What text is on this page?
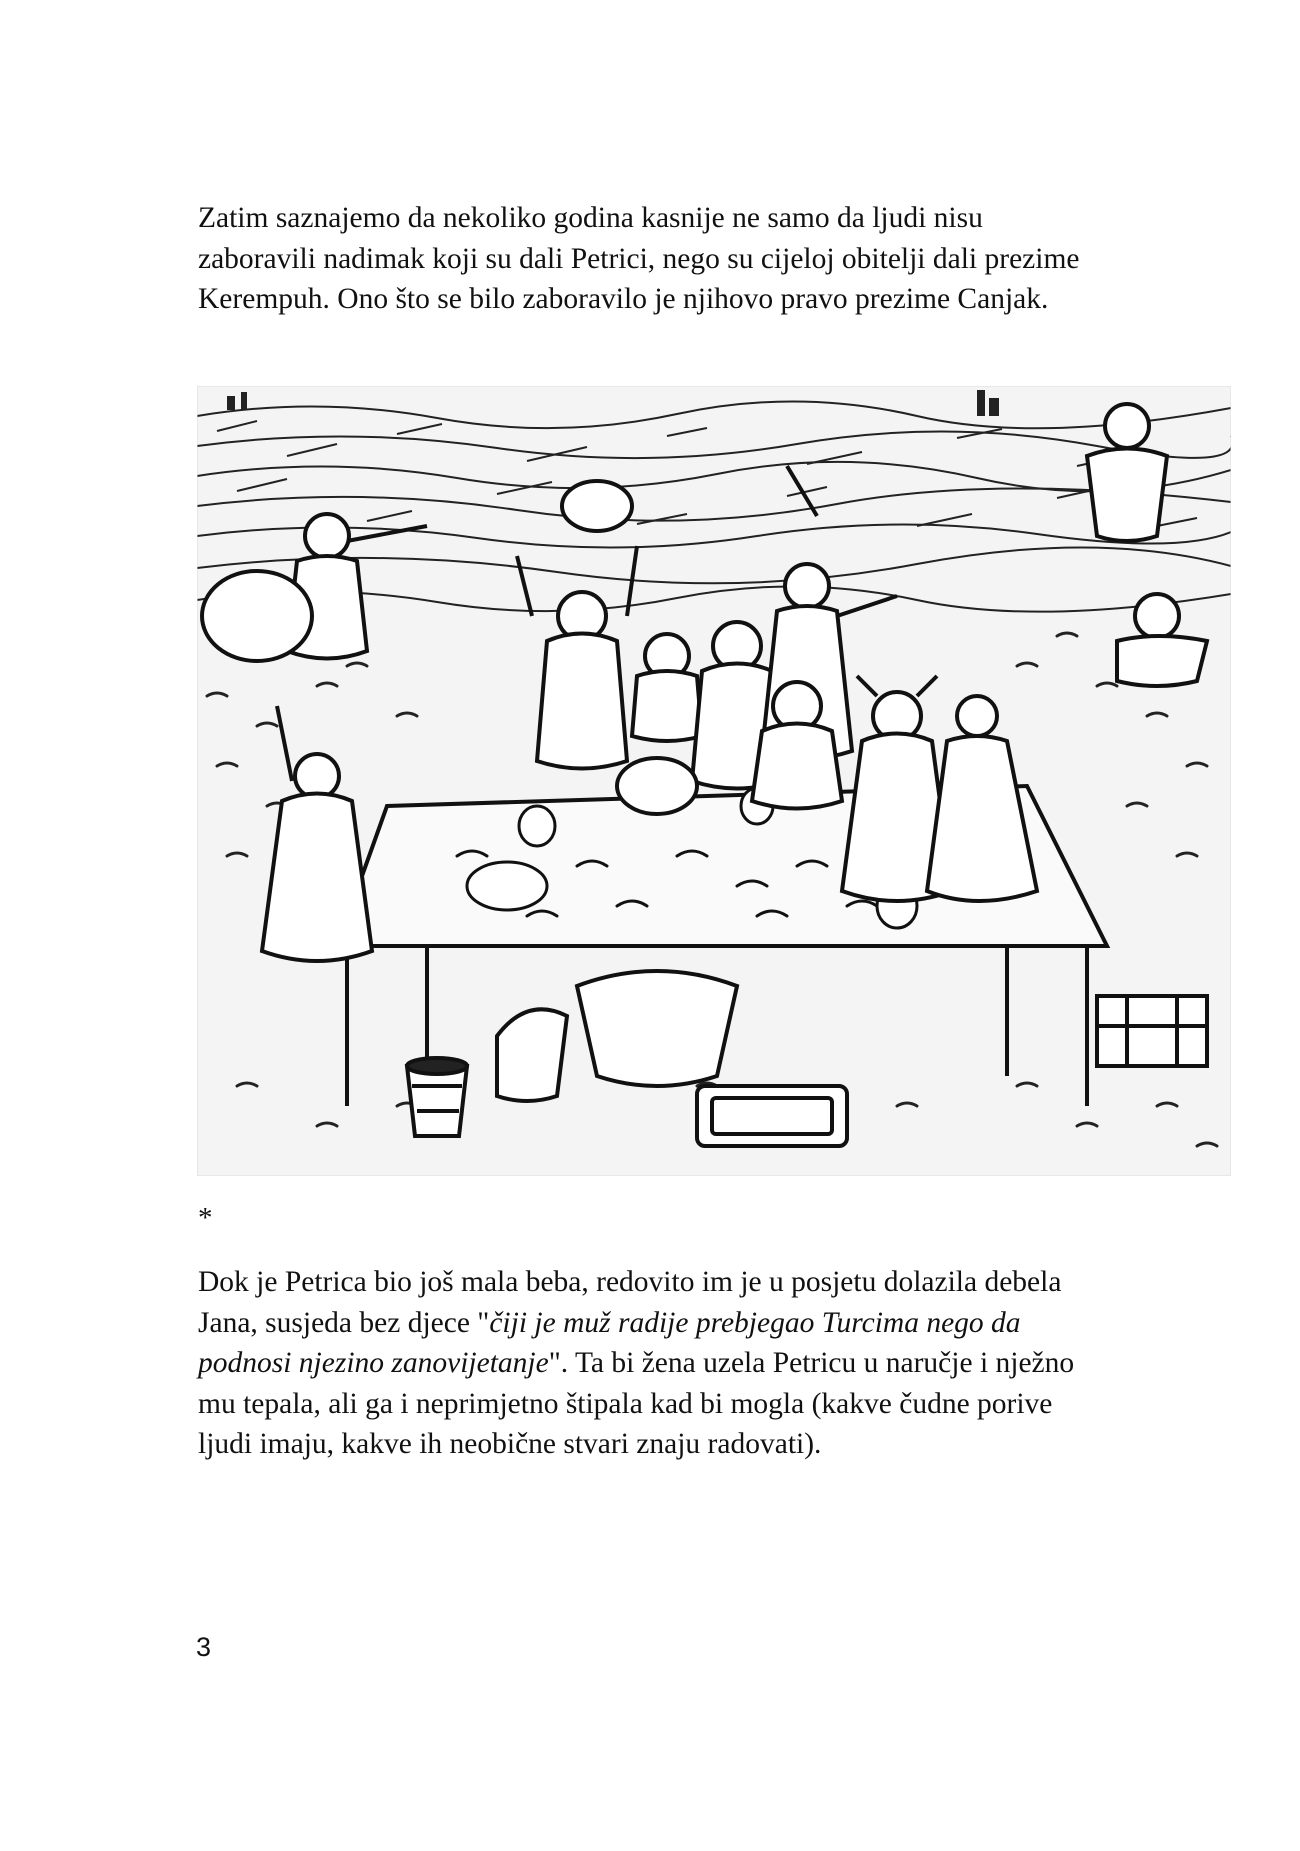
Zatim saznajemo da nekoliko godina kasnije ne samo da ljudi nisu zaboravili nadimak koji su dali Petrici, nego su cijeloj obitelji dali prezime Kerempuh. Ono što se bilo zaboravilo je njihovo pravo prezime Canjak.

*

Dok je Petrica bio još mala beba, redovito im je u posjetu dolazila debela Jana, susjeda bez djece "čiji je muž radije prebjegao Turcima nego da podnosi njezino zanovijetanje". Ta bi žena uzela Petricu u naručje i nježno mu tepala, ali ga i neprimjetno štipala kad bi mogla (kakve čudne porive ljudi imaju, kakve ih neobične stvari znaju radovati).

3
